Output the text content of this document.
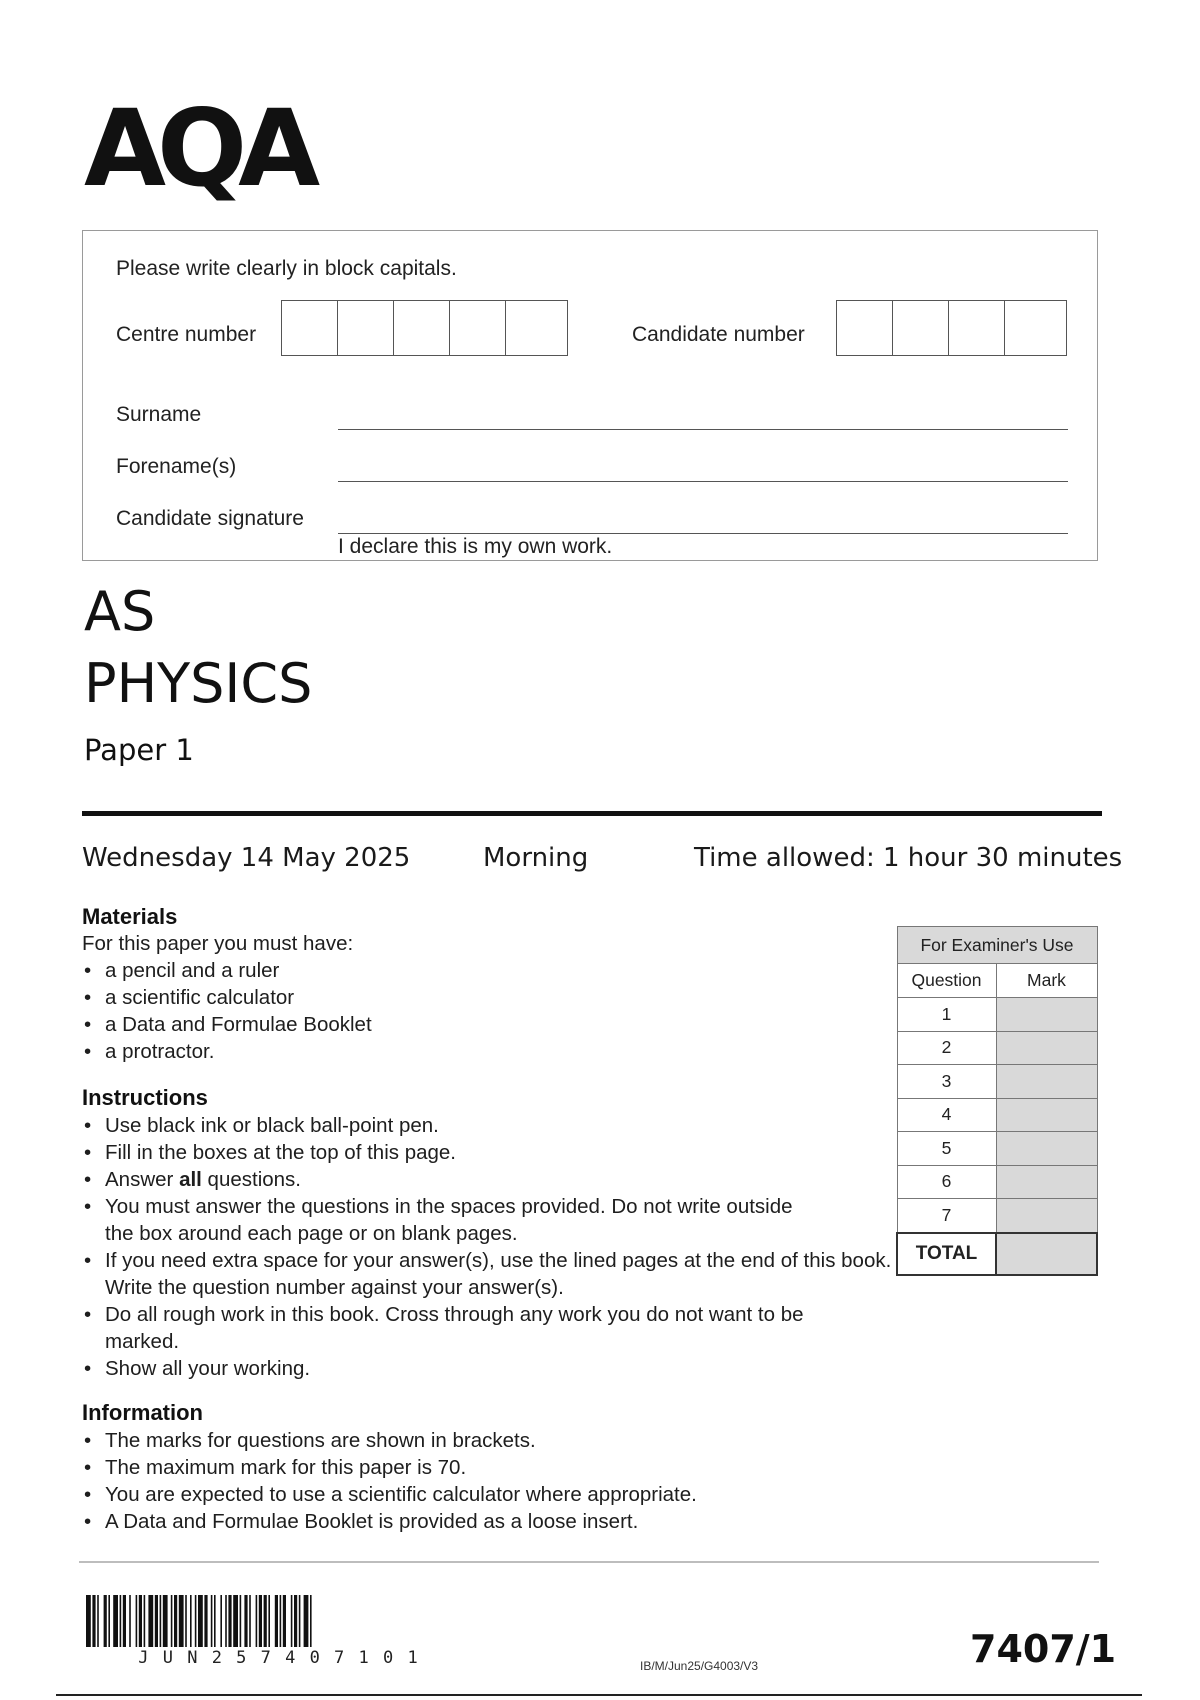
AQA
Please write clearly in block capitals.
Centre number	Candidate number
Surname
Forename(s)
Candidate signature
I declare this is my own work.
AS
PHYSICS
Paper 1
Wednesday 14 May 2025	Morning	Time allowed: 1 hour 30 minutes
Materials
For this paper you must have:
• a pencil and a ruler
• a scientific calculator
• a Data and Formulae Booklet
• a protractor.
Instructions
• Use black ink or black ball-point pen.
• Fill in the boxes at the top of this page.
• Answer all questions.
• You must answer the questions in the spaces provided. Do not write outside the box around each page or on blank pages.
• If you need extra space for your answer(s), use the lined pages at the end of this book. Write the question number against your answer(s).
• Do all rough work in this book. Cross through any work you do not want to be marked.
• Show all your working.
Information
• The marks for questions are shown in brackets.
• The maximum mark for this paper is 70.
• You are expected to use a scientific calculator where appropriate.
• A Data and Formulae Booklet is provided as a loose insert.
For Examiner's Use	
Question	Mark
1	
2	
3	
4	
5	
6	
7	
TOTAL	
J U N 2 5 7 4 0 7 1 0 1	IB/M/Jun25/G4003/V3	7407/1
